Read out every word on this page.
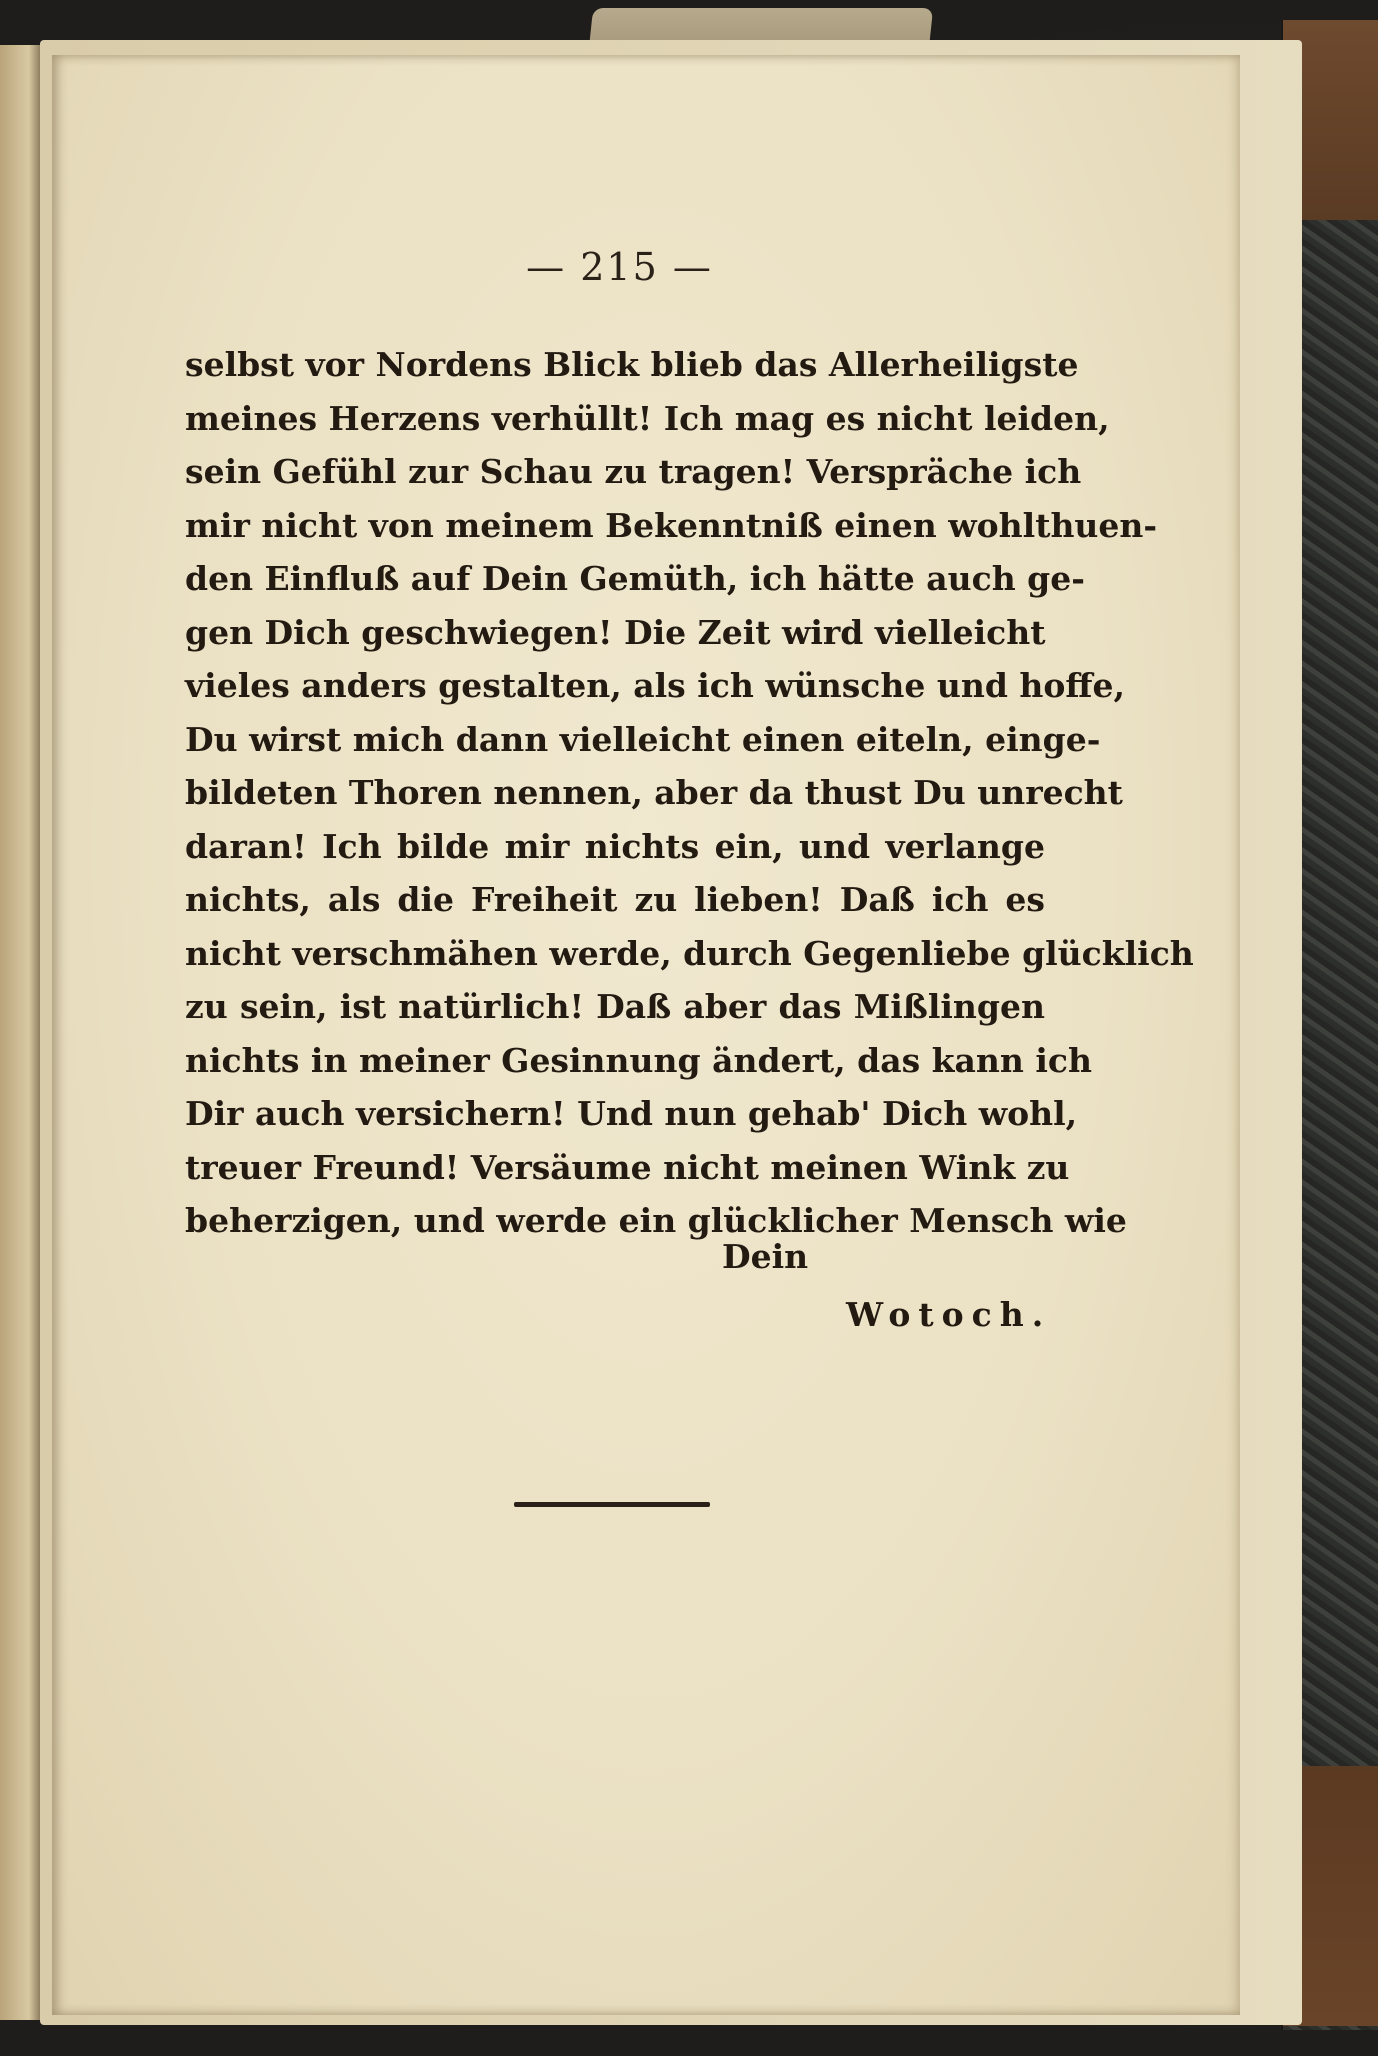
— 215 —
selbst vor Nordens Blick blieb das Allerheiligste
meines Herzens verhüllt! Ich mag es nicht leiden,
sein Gefühl zur Schau zu tragen! Verspräche ich
mir nicht von meinem Bekenntniß einen wohlthuen-
den Einfluß auf Dein Gemüth, ich hätte auch ge-
gen Dich geschwiegen! Die Zeit wird vielleicht
vieles anders gestalten, als ich wünsche und hoffe,
Du wirst mich dann vielleicht einen eiteln, einge-
bildeten Thoren nennen, aber da thust Du unrecht
daran! Ich bilde mir nichts ein, und verlange
nichts, als die Freiheit zu lieben! Daß ich es
nicht verschmähen werde, durch Gegenliebe glücklich
zu sein, ist natürlich! Daß aber das Mißlingen
nichts in meiner Gesinnung ändert, das kann ich
Dir auch versichern! Und nun gehab' Dich wohl,
treuer Freund! Versäume nicht meinen Wink zu
beherzigen, und werde ein glücklicher Mensch wie
Dein
Wotoch.
